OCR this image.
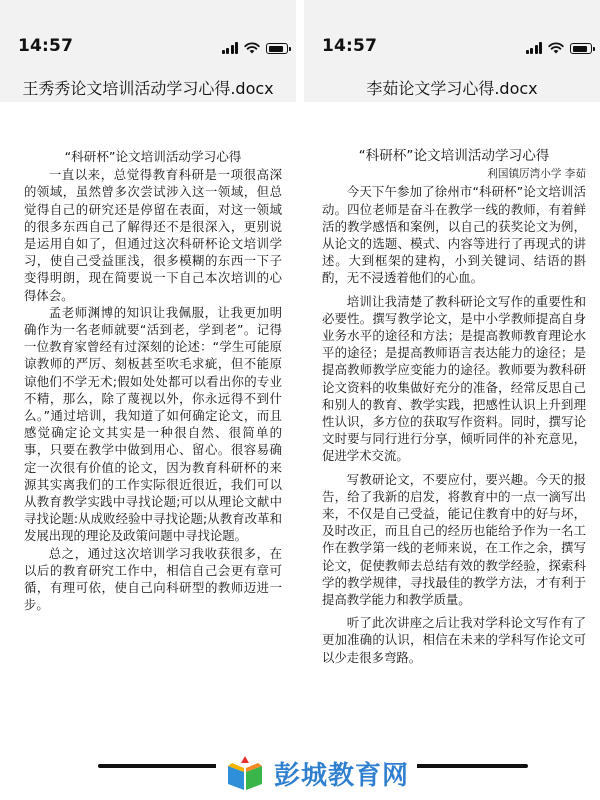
14:57
王秀秀论文培训活动学习心得.docx
“科研杯”论文培训活动学习心得

一直以来，总觉得教育科研是一项很高深的领域，虽然曾多次尝试涉入这一领域，但总觉得自己的研究还是停留在表面，对这一领域的很多东西自己了解得还不是很深入，更别说是运用自如了，但通过这次科研杯论文培训学习，使自己受益匪浅，很多模糊的东西一下子变得明朗，现在简要说一下自己本次培训的心得体会。

孟老师渊博的知识让我佩服，让我更加明确作为一名老师就要“活到老，学到老”。记得一位教育家曾经有过深刻的论述：“学生可能原谅教师的严厉、刻板甚至吹毛求疵，但不能原谅他们不学无术;假如处处都可以看出你的专业不精，那么，除了蔑视以外，你永远得不到什么。”通过培训，我知道了如何确定论文，而且感觉确定论文其实是一种很自然、很简单的事，只要在教学中做到用心、留心。很容易确定一次很有价值的论文，因为教育科研杯的来源其实离我们的工作实际很近很近，我们可以从教育教学实践中寻找论题;可以从理论文献中寻找论题:从成败经验中寻找论题;从教育改革和发展出现的理论及政策问题中寻找论题。

总之，通过这次培训学习我收获很多，在以后的教育研究工作中，相信自己会更有章可循，有理可依，使自己向科研型的教师迈进一步。

14:57
李茹论文学习心得.docx
“科研杯”论文培训活动学习心得
利国镇厉湾小学 李茹

今天下午参加了徐州市“科研杯”论文培训活动。四位老师是奋斗在教学一线的教师，有着鲜活的教学感悟和案例，以自己的获奖论文为例，从论文的选题、模式、内容等进行了再现式的讲述。大到框架的建构，小到关键词、结语的斟酌，无不浸透着他们的心血。

培训让我清楚了教科研论文写作的重要性和必要性。撰写教学论文，是中小学教师提高自身业务水平的途径和方法；是提高教师教育理论水平的途径；是提高教师语言表达能力的途径；是提高教师教学应变能力的途径。教师要为教科研论文资料的收集做好充分的准备，经常反思自己和别人的教育、教学实践，把感性认识上升到理性认识，多方位的获取写作资料。同时，撰写论文时要与同行进行分享，倾听同伴的补充意见，促进学术交流。

写教研论文，不要应付，要兴趣。今天的报告，给了我新的启发，将教育中的一点一滴写出来，不仅是自己受益，能记住教育中的好与坏，及时改正，而且自己的经历也能给予作为一名工作在教学第一线的老师来说，在工作之余，撰写论文，促使教师去总结有效的教学经验，探索科学的教学规律，寻找最佳的教学方法，才有利于提高教学能力和教学质量。

听了此次讲座之后让我对学科论文写作有了更加准确的认识，相信在未来的学科写作论文可以少走很多弯路。

彭城教育网
